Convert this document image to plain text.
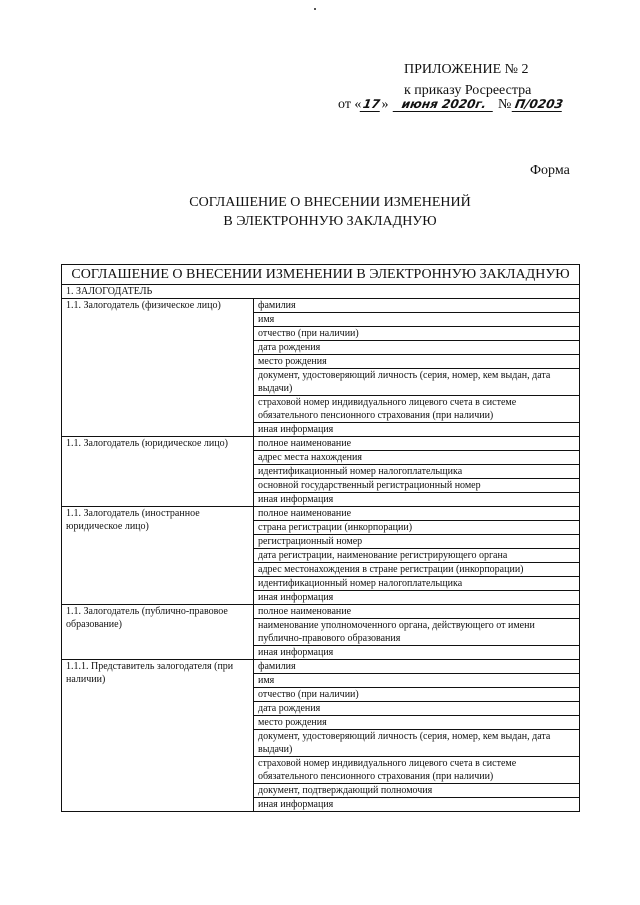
ПРИЛОЖЕНИЕ № 2
к приказу Росреестра
от «17» июня 2020г. № П/0203
Форма
СОГЛАШЕНИЕ О ВНЕСЕНИИ ИЗМЕНЕНИЙ
В ЭЛЕКТРОННУЮ ЗАКЛАДНУЮ
СОГЛАШЕНИЕ О ВНЕСЕНИИ ИЗМЕНЕНИИ В ЭЛЕКТРОННУЮ ЗАКЛАДНУЮ	
1. ЗАЛОГОДАТЕЛЬ	
1.1. Залогодатель (физическое лицо)	фамилия
	имя
	отчество (при наличии)
	дата рождения
	место рождения
	документ, удостоверяющий личность (серия, номер, кем выдан, дата выдачи)
	страховой номер индивидуального лицевого счета в системе обязательного пенсионного страхования (при наличии)
	иная информация
1.1. Залогодатель (юридическое лицо)	полное наименование
	адрес места нахождения
	идентификационный номер налогоплательщика
	основной государственный регистрационный номер
	иная информация
1.1. Залогодатель (иностранное юридическое лицо)	полное наименование
	страна регистрации (инкорпорации)
	регистрационный номер
	дата регистрации, наименование регистрирующего органа
	адрес местонахождения в стране регистрации (инкорпорации)
	идентификационный номер налогоплательщика
	иная информация
1.1. Залогодатель (публично-правовое образование)	полное наименование
	наименование уполномоченного органа, действующего от имени публично-правового образования
	иная информация
1.1.1. Представитель залогодателя (при наличии)	фамилия
	имя
	отчество (при наличии)
	дата рождения
	место рождения
	документ, удостоверяющий личность (серия, номер, кем выдан, дата выдачи)
	страховой номер индивидуального лицевого счета в системе обязательного пенсионного страхования (при наличии)
	документ, подтверждающий полномочия
	иная информация
